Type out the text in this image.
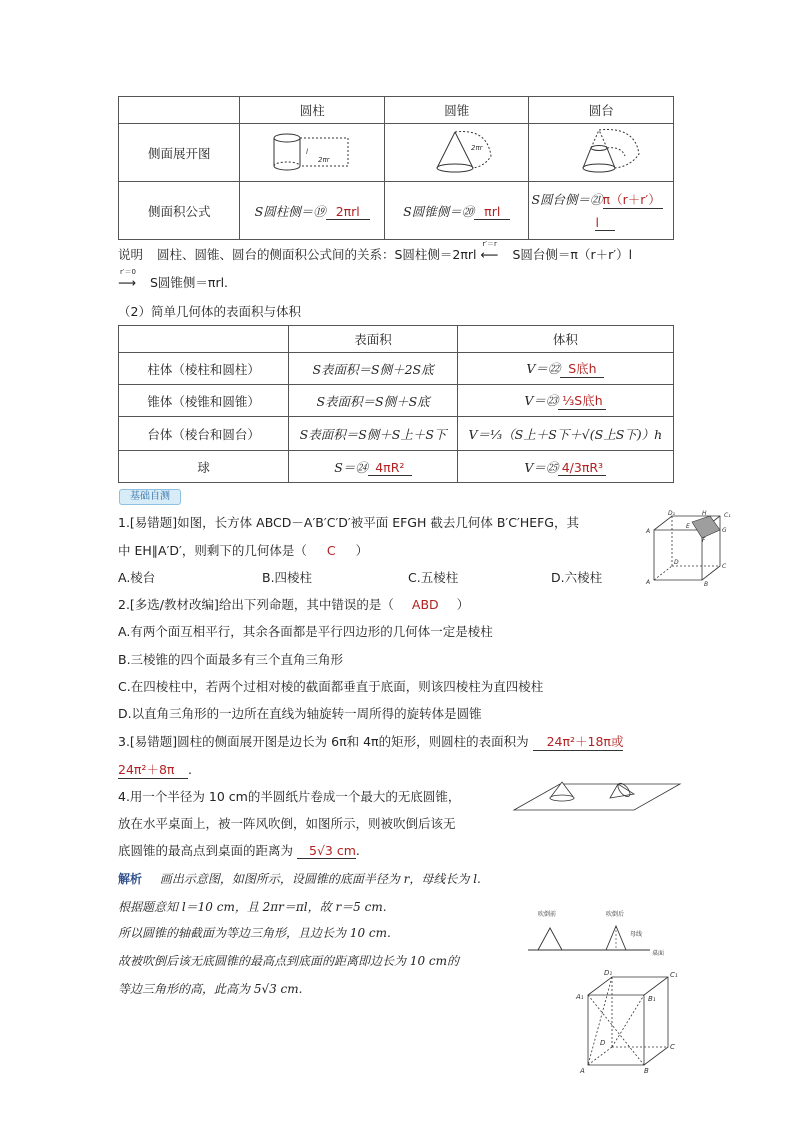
	圆柱	圆锥	圆台
侧面展开图	l
2πr	2πr

侧面积公式	S圆柱侧＝⑲ 2πrl	S圆锥侧＝⑳ πrl	S圆台侧＝㉑π（r＋r′）
l
说明 圆柱、圆锥、圆台的侧面积公式间的关系：S圆柱侧＝2πrl
r′＝r
⟵ S圆台侧＝π（r＋r′）l
r′＝0
⟶ S圆锥侧＝πrl.
（2）简单几何体的表面积与体积
	表面积	体积
柱体（棱柱和圆柱）	S表面积＝S侧＋2S底	V＝㉒ S底h
锥体（棱锥和圆锥）	S表面积＝S侧＋S底	V＝㉓ ⅓S底h
台体（棱台和圆台）	S表面积＝S侧＋S上＋S下	V＝⅓（S上＋S下＋√(S上S下)）h
球	S＝㉔ 4πR²	V＝㉕ 4/3πR³
基础自测
1.[易错题]如图，长方体 ABCD－A′B′C′D′被平面 EFGH 截去几何体 B′C′HEFG，其
中 EH∥A′D′，则剩下的几何体是（ C ）
A.棱台	B.四棱柱	C.五棱柱	D.六棱柱
D₁	H	C₁
A
E
F
G
D
C
A	B
2.[多选/教材改编]给出下列命题，其中错误的是（ ABD ）
A.有两个面互相平行，其余各面都是平行四边形的几何体一定是棱柱
B.三棱锥的四个面最多有三个直角三角形
C.在四棱柱中，若两个过相对棱的截面都垂直于底面，则该四棱柱为直四棱柱
D.以直角三角形的一边所在直线为轴旋转一周所得的旋转体是圆锥
3.[易错题]圆柱的侧面展开图是边长为 6π和 4π的矩形，则圆柱的表面积为 24π²＋18π或
24π²＋8π .
4.用一个半径为 10 cm的半圆纸片卷成一个最大的无底圆锥，
放在水平桌面上，被一阵风吹倒，如图所示，则被吹倒后该无
底圆锥的最高点到桌面的距离为 5√3 cm.
解析 画出示意图，如图所示，设圆锥的底面半径为 r，母线长为 l.
根据题意知 l＝10 cm，且 2πr＝πl，故 r＝5 cm.
所以圆锥的轴截面为等边三角形，且边长为 10 cm.
故被吹倒后该无底圆锥的最高点到底面的距离即边长为 10 cm的
等边三角形的高，此高为 5√3 cm.
吹倒前	吹倒后
桌面
母线
D₁	C₁
A₁	B₁
D	C
A	B
